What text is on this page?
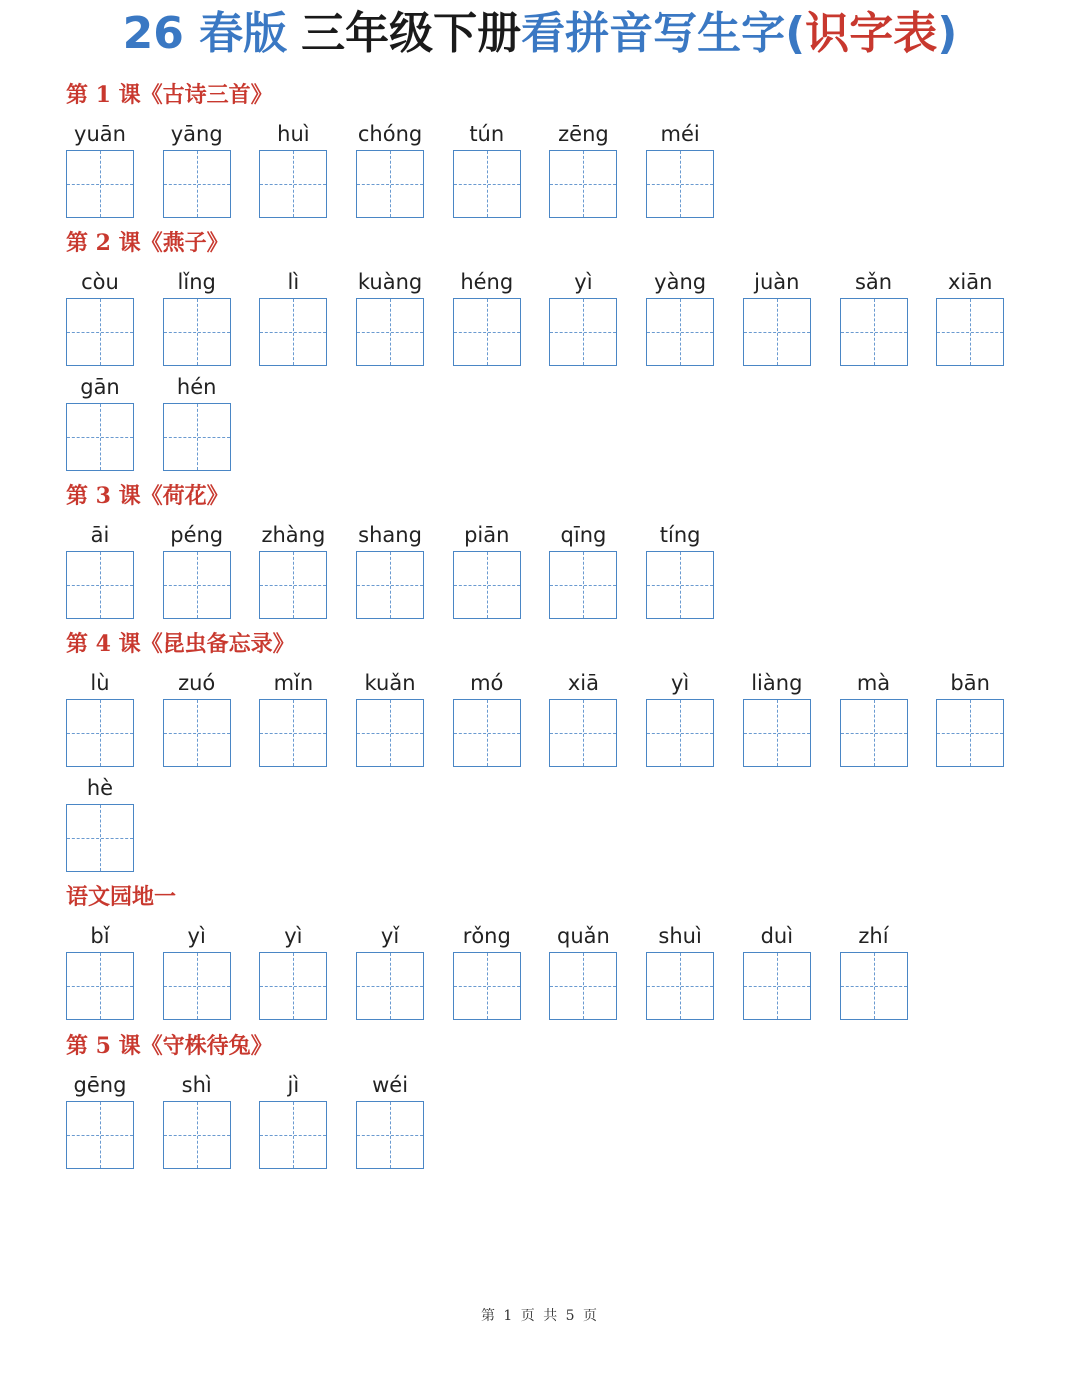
26 春版 三年级下册看拼音写生字(识字表)
第 1 课《古诗三首》
yuān yāng	huì chóng tún	zēng méi
第 2 课《燕子》
còu	lǐng	lì	kuàng héng	yì	yàng juàn	sǎn	xiān
gān	hén
第 3 课《荷花》
āi	péng zhàng shang piān qīng	tíng
第 4 课《昆虫备忘录》
lù	zuó	mǐn kuǎn	mó	xiā	yì	liàng	mà	bān
hè
语文园地一
bǐ	yì	yì	yǐ	rǒng quǎn shuì	duì	zhí
第 5 课《守株待兔》
gēng	shì	jì	wéi
第 1 页 共 5 页
